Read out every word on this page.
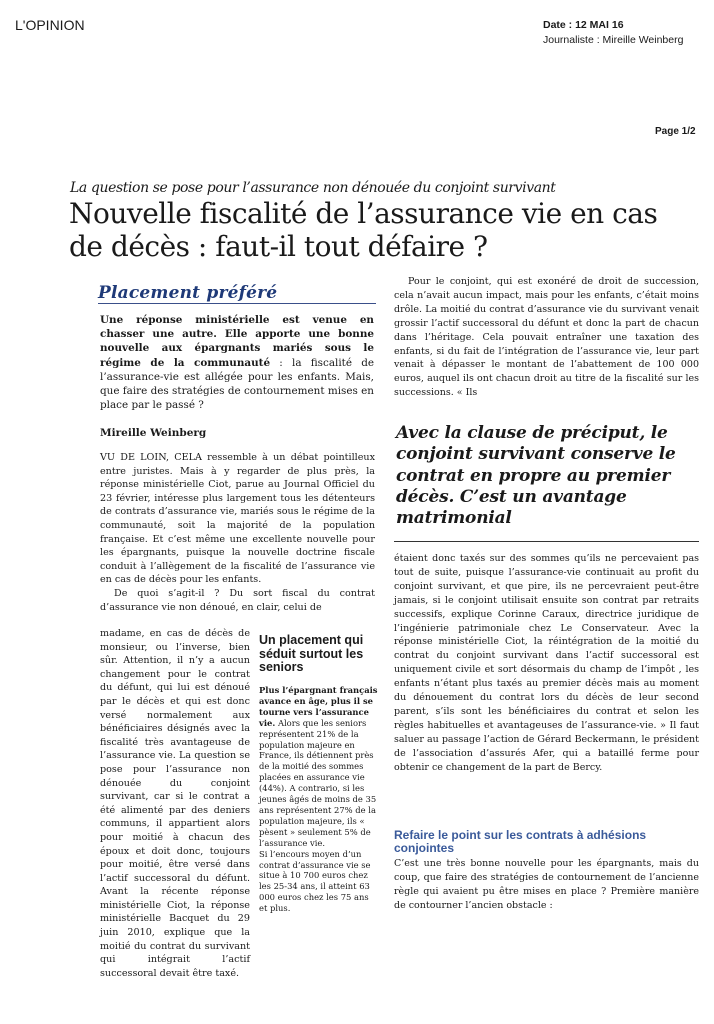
L'OPINION	Date : 12 MAI 16
Journaliste : Mireille Weinberg
Page 1/2
La question se pose pour l’assurance non dénouée du conjoint survivant
Nouvelle fiscalité de l’assurance vie en cas de décès : faut-il tout défaire ?
Placement préféré

Une réponse ministérielle est venue en chasser une autre. Elle apporte une bonne nouvelle aux épargnants mariés sous le régime de la communauté : la fiscalité de l’assurance-vie est allégée pour les enfants. Mais, que faire des stratégies de contournement mises en place par le passé ?

Mireille Weinberg

VU DE LOIN, CELA ressemble à un débat pointilleux entre juristes. Mais à y regarder de plus près, la réponse ministérielle Ciot, parue au Journal Officiel du 23 février, intéresse plus largement tous les détenteurs de contrats d’assurance vie, mariés sous le régime de la communauté, soit la majorité de la population française. Et c’est même une excellente nouvelle pour les épargnants, puisque la nouvelle doctrine fiscale conduit à l’allègement de la fiscalité de l’assurance vie en cas de décès pour les enfants.

De quoi s’agit-il ? Du sort fiscal du contrat d’assurance vie non dénoué, en clair, celui de

madame, en cas de décès de monsieur, ou l’inverse, bien sûr. Attention, il n’y a aucun changement pour le contrat du défunt, qui lui est dénoué par le décès et qui est donc versé normalement aux bénéficiaires désignés avec la fiscalité très avantageuse de l’assurance vie. La question se pose pour l’assurance non dénouée du conjoint survivant, car si le contrat a été alimenté par des deniers communs, il appartient alors pour moitié à chacun des époux et doit donc, toujours pour moitié, être versé dans l’actif successoral du défunt. Avant la récente réponse ministérielle Ciot, la réponse ministérielle Bacquet du 29 juin 2010, explique que la moitié du contrat du survivant qui intégrait l’actif successoral devait être taxé.

Un placement qui séduit surtout les seniors

Plus l’épargnant français avance en âge, plus il se tourne vers l’assurance vie. Alors que les seniors représentent 21% de la population majeure en France, ils détiennent près de la moitié des sommes placées en assurance vie (44%). A contrario, si les jeunes âgés de moins de 35 ans représentent 27% de la population majeure, ils « pèsent » seulement 5% de l’assurance vie.

Si l’encours moyen d’un contrat d’assurance vie se situe à 10 700 euros chez les 25-34 ans, il atteint 63 000 euros chez les 75 ans et plus.

Pour le conjoint, qui est exonéré de droit de succession, cela n’avait aucun impact, mais pour les enfants, c’était moins drôle. La moitié du contrat d’assurance vie du survivant venait grossir l’actif successoral du défunt et donc la part de chacun dans l’héritage. Cela pouvait entraîner une taxation des enfants, si du fait de l’intégration de l’assurance vie, leur part venait à dépasser le montant de l’abattement de 100 000 euros, auquel ils ont chacun droit au titre de la fiscalité sur les successions. « Ils

Avec la clause de préciput, le conjoint survivant conserve le contrat en propre au premier décès. C’est un avantage matrimonial

étaient donc taxés sur des sommes qu’ils ne percevaient pas tout de suite, puisque l’assurance-vie continuait au profit du conjoint survivant, et que pire, ils ne percevraient peut-être jamais, si le conjoint utilisait ensuite son contrat par retraits successifs, explique Corinne Caraux, directrice juridique de l’ingénierie patrimoniale chez Le Conservateur. Avec la réponse ministérielle Ciot, la réintégration de la moitié du contrat du conjoint survivant dans l’actif successoral est uniquement civile et sort désormais du champ de l’impôt , les enfants n’étant plus taxés au premier décès mais au moment du dénouement du contrat lors du décès de leur second parent, s’ils sont les bénéficiaires du contrat et selon les règles habituelles et avantageuses de l’assurance-vie. » Il faut saluer au passage l’action de Gérard Beckermann, le président de l’association d’assurés Afer, qui a bataillé ferme pour obtenir ce changement de la part de Bercy.

Refaire le point sur les contrats à adhésions conjointes

C’est une très bonne nouvelle pour les épargnants, mais du coup, que faire des stratégies de contournement de l’ancienne règle qui avaient pu être mises en place ? Première manière de contourner l’ancien obstacle :
